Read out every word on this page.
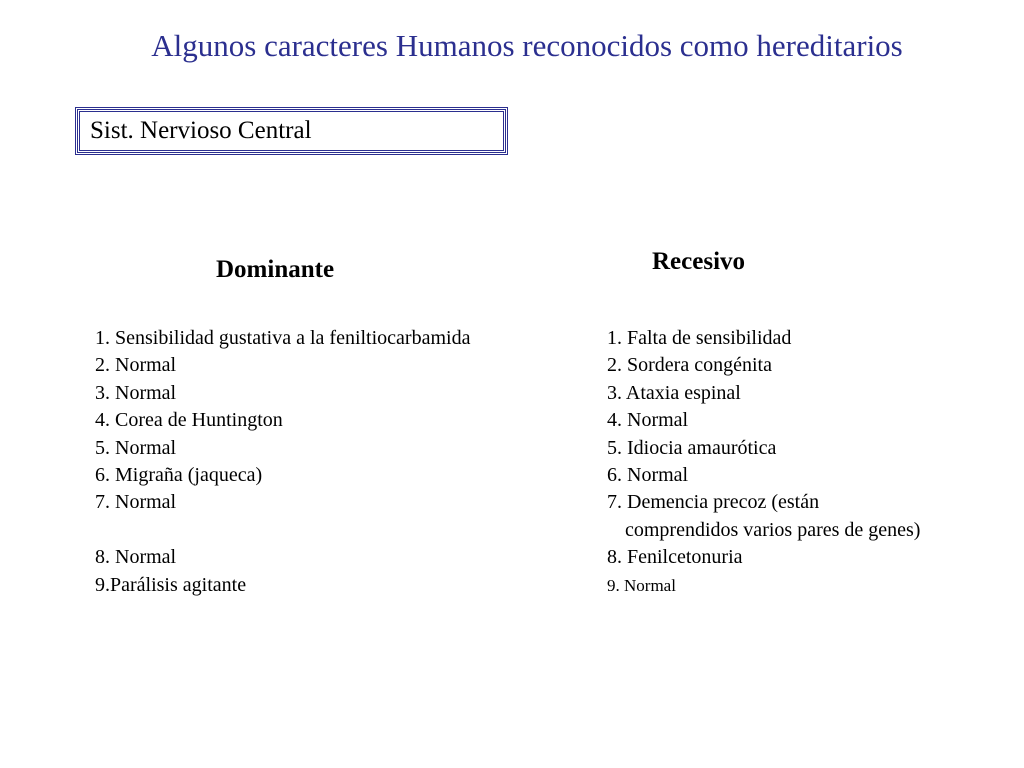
Algunos caracteres Humanos reconocidos como hereditarios
Sist. Nervioso Central
Dominante	Recesivo
1. Sensibilidad gustativa a la feniltiocarbamida
2. Normal
3. Normal
4. Corea de Huntington
5. Normal
6. Migraña (jaqueca)
7. Normal
8. Normal
9.Parálisis agitante
1. Falta de sensibilidad
2. Sordera congénita
3. Ataxia espinal
4. Normal
5. Idiocia amaurótica
6. Normal
7. Demencia precoz (están
comprendidos varios pares de genes)
8. Fenilcetonuria
9. Normal
